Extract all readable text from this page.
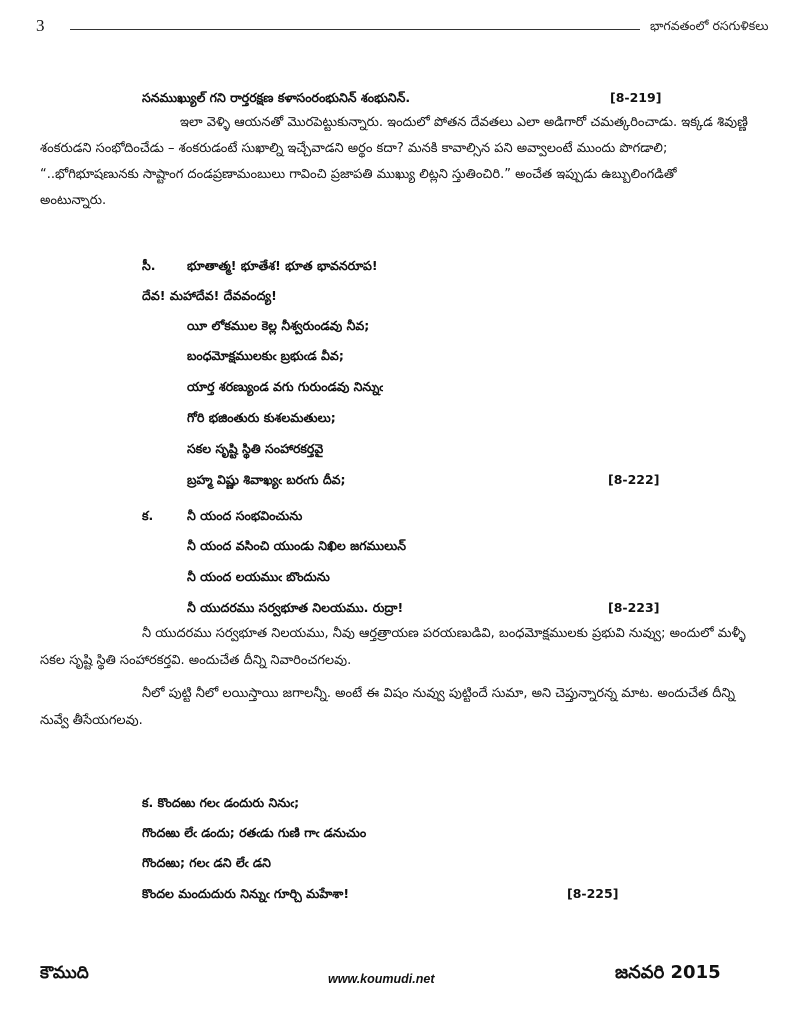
3	భాగవతంలో రసగుళికలు
సనముఖ్యుల్ గని రార్తరక్షణ కళాసంరంభునిన్ శంభునిన్.	[8-219]
ఇలా వెళ్ళి ఆయనతో మొరపెట్టుకున్నారు. ఇందులో పోతన దేవతలు ఎలా అడిగారో చమత్కరించాడు. ఇక్కడ శివుణ్ణి
శంకరుడని సంభోదించేడు – శంకరుడంటే సుఖాల్ని ఇచ్చేవాడని అర్థం కదా? మనకి కావాల్సిన పని అవ్వాలంటే ముందు పొగడాలి;
“..భోగిభూషణునకు సాష్టాంగ దండప్రణామంబులు గావించి ప్రజాపతి ముఖ్యు లిట్లని స్తుతించిరి.” అంచేత ఇప్పుడు ఉబ్బులింగడితో
అంటున్నారు.
సీ.	భూతాత్మ! భూతేశ! భూత భావనరూప!
దేవ! మహాదేవ! దేవవంద్య!
యీ లోకముల కెల్ల నీశ్వరుండవు నీవ;
బంధమోక్షములకుఁ బ్రభుఁడ వీవ;
యార్త శరణ్యుండ వగు గురుండవు నిన్నుఁ
గోరి భజింతురు కుశలమతులు;
సకల సృష్టి స్థితి సంహారకర్తవై
బ్రహ్మ విష్ణు శివాఖ్యఁ బరఁగు దీవ;	[8-222]
క.	నీ యంద సంభవించును
నీ యంద వసించి యుండు నిఖిల జగములున్
నీ యంద లయముఁ బొందును
నీ యుదరము సర్వభూత నిలయము. రుద్రా!	[8-223]
నీ యుదరము సర్వభూత నిలయము, నీవు ఆర్తత్రాయణ పరయణుడివి, బంధమోక్షములకు ప్రభువి నువ్వు; అందులో మళ్ళీ
సకల సృష్టి స్థితి సంహారకర్తవి. అందుచేత దీన్ని నివారించగలవు.
నీలో పుట్టి నీలో లయిస్తాయి జగాలన్నీ. అంటే ఈ విషం నువ్వు పుట్టిందే సుమా, అని చెప్తున్నారన్న మాట. అందుచేత దీన్ని
నువ్వే తీసేయగలవు.
క. కొందఱు గలఁ డందురు నినుఁ;
గొందఱు లేఁ డందు; రతఁడు గుణి గాఁ డనుచుం
గొందఱు; గలఁ డని లేఁ డని
కొందల మందుదురు నిన్నుఁ గూర్చి మహేశా!	[8-225]
కౌముది	www.koumudi.net	జనవరి 2015
